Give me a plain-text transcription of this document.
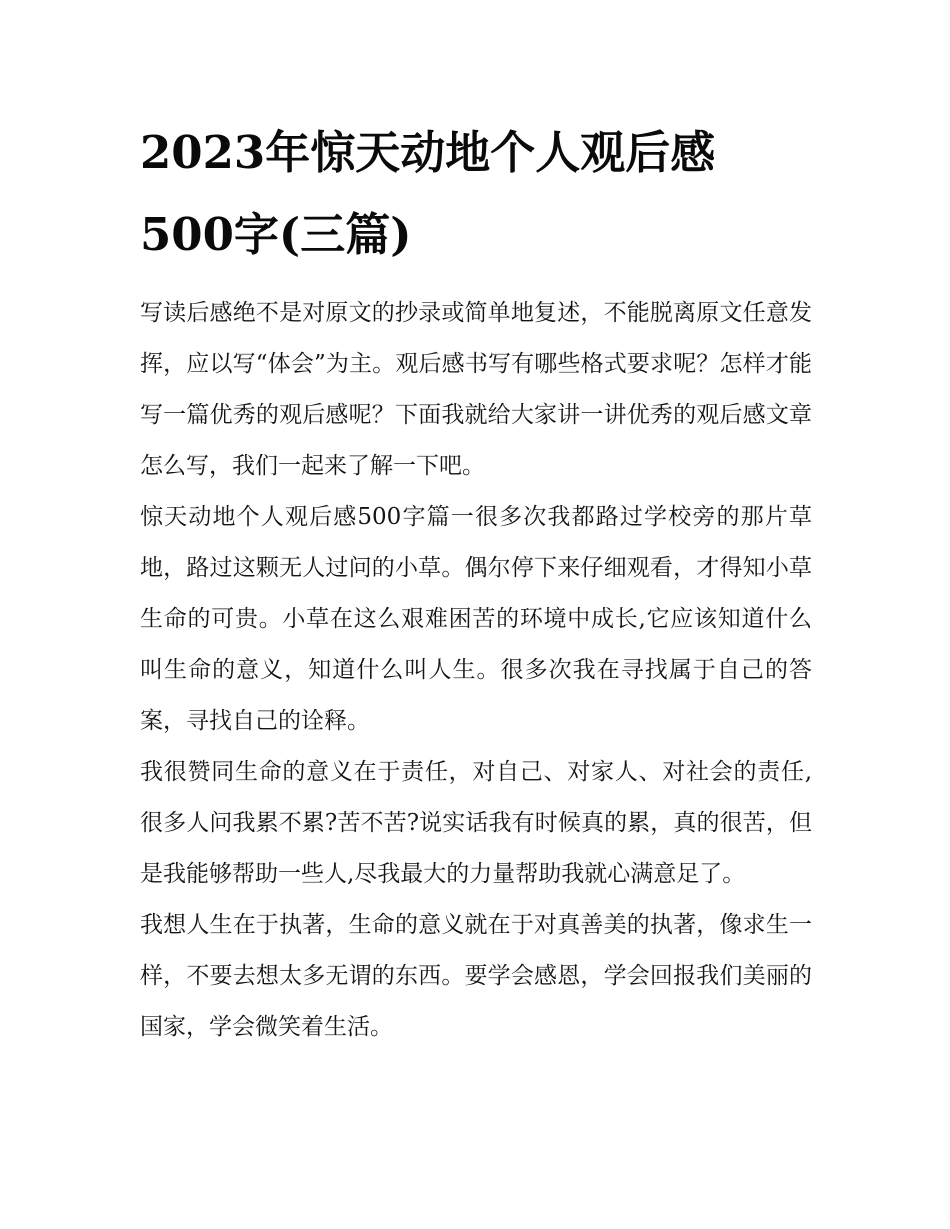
2023年惊天动地个人观后感
500字(三篇)

写读后感绝不是对原文的抄录或简单地复述，不能脱离原文任意发挥，应以写“体会”为主。观后感书写有哪些格式要求呢？怎样才能写一篇优秀的观后感呢？下面我就给大家讲一讲优秀的观后感文章怎么写，我们一起来了解一下吧。

惊天动地个人观后感500字篇一很多次我都路过学校旁的那片草地，路过这颗无人过问的小草。偶尔停下来仔细观看，才得知小草生命的可贵。小草在这么艰难困苦的环境中成长,它应该知道什么叫生命的意义，知道什么叫人生。很多次我在寻找属于自己的答案，寻找自己的诠释。

我很赞同生命的意义在于责任，对自己、对家人、对社会的责任,很多人问我累不累?苦不苦?说实话我有时候真的累，真的很苦，但是我能够帮助一些人,尽我最大的力量帮助我就心满意足了。

我想人生在于执著，生命的意义就在于对真善美的执著，像求生一样，不要去想太多无谓的东西。要学会感恩，学会回报我们美丽的国家，学会微笑着生活。
